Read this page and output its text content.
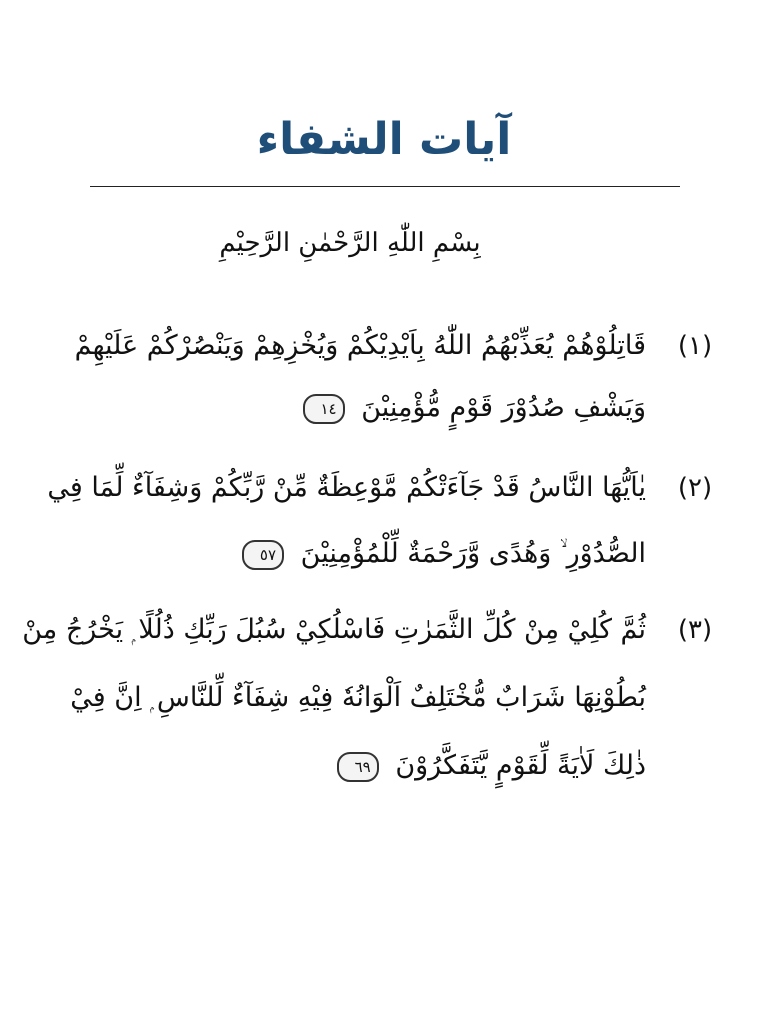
آيات الشفاء
بِسْمِ اللّٰهِ الرَّحْمٰنِ الرَّحِيْمِ
(١)
قَاتِلُوْهُمْ يُعَذِّبْهُمُ اللّٰهُ بِاَيْدِيْكُمْ وَيُخْزِهِمْ وَيَنْصُرْكُمْ عَلَيْهِمْ
وَيَشْفِ صُدُوْرَ قَوْمٍ مُّؤْمِنِيْنَ ١٤
(٢)
يٰاَيُّهَا النَّاسُ قَدْ جَآءَتْكُمْ مَّوْعِظَةٌ مِّنْ رَّبِّكُمْ وَشِفَآءٌ لِّمَا فِي
الصُّدُوْرِ ۙ وَهُدًى وَّرَحْمَةٌ لِّلْمُؤْمِنِيْنَ ٥٧
(٣)
ثُمَّ كُلِيْ مِنْ كُلِّ الثَّمَرٰتِ فَاسْلُكِيْ سُبُلَ رَبِّكِ ذُلُلًا ۭ يَخْرُجُ مِنْ
بُطُوْنِهَا شَرَابٌ مُّخْتَلِفٌ اَلْوَانُهٗ فِيْهِ شِفَآءٌ لِّلنَّاسِ ۭ اِنَّ فِيْ
ذٰلِكَ لَاٰيَةً لِّقَوْمٍ يَّتَفَكَّرُوْنَ ٦٩
